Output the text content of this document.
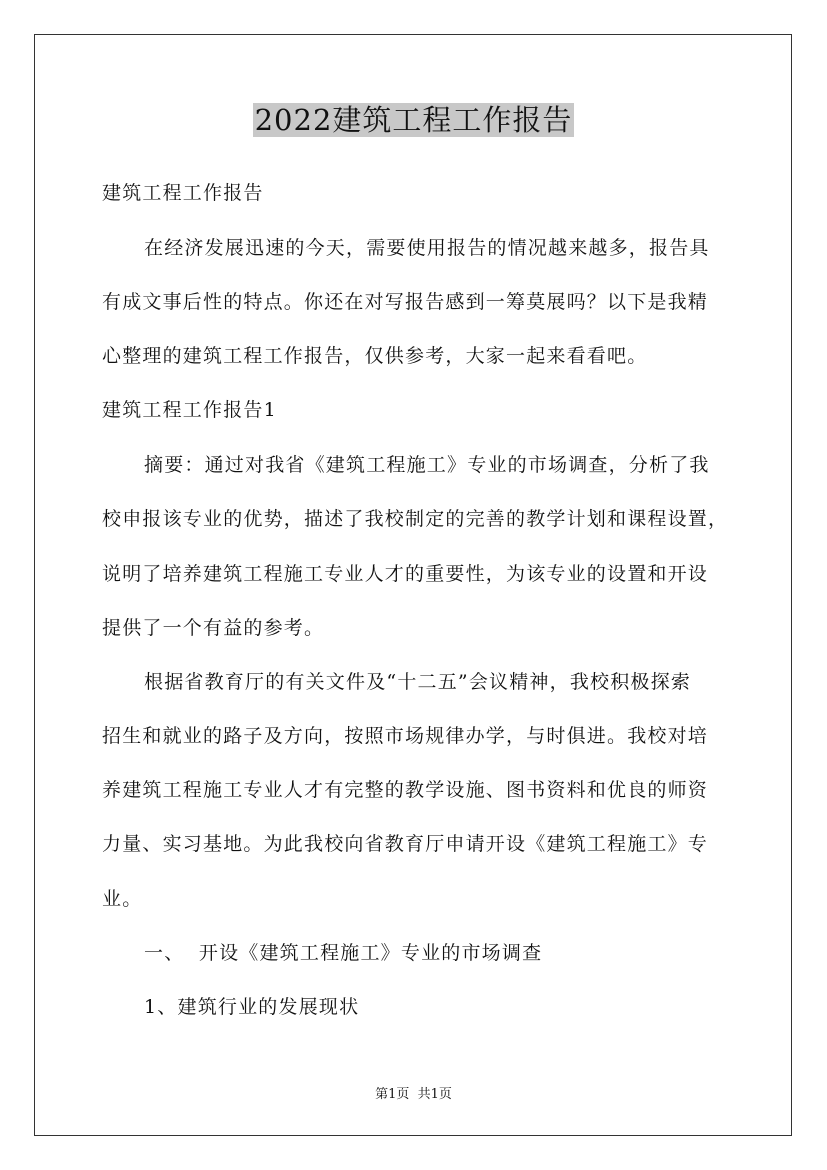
2022建筑工程工作报告
建筑工程工作报告
在经济发展迅速的今天，需要使用报告的情况越来越多，报告具
有成文事后性的特点。你还在对写报告感到一筹莫展吗？以下是我精
心整理的建筑工程工作报告，仅供参考，大家一起来看看吧。
建筑工程工作报告1
摘要：通过对我省《建筑工程施工》专业的市场调查，分析了我
校申报该专业的优势，描述了我校制定的完善的教学计划和课程设置，
说明了培养建筑工程施工专业人才的重要性，为该专业的设置和开设
提供了一个有益的参考。
根据省教育厅的有关文件及“十二五”会议精神，我校积极探索
招生和就业的路子及方向，按照市场规律办学，与时俱进。我校对培
养建筑工程施工专业人才有完整的教学设施、图书资料和优良的师资
力量、实习基地。为此我校向省教育厅申请开设《建筑工程施工》专
业。
一、  开设《建筑工程施工》专业的市场调查
1、建筑行业的发展现状
第1页  共1页
